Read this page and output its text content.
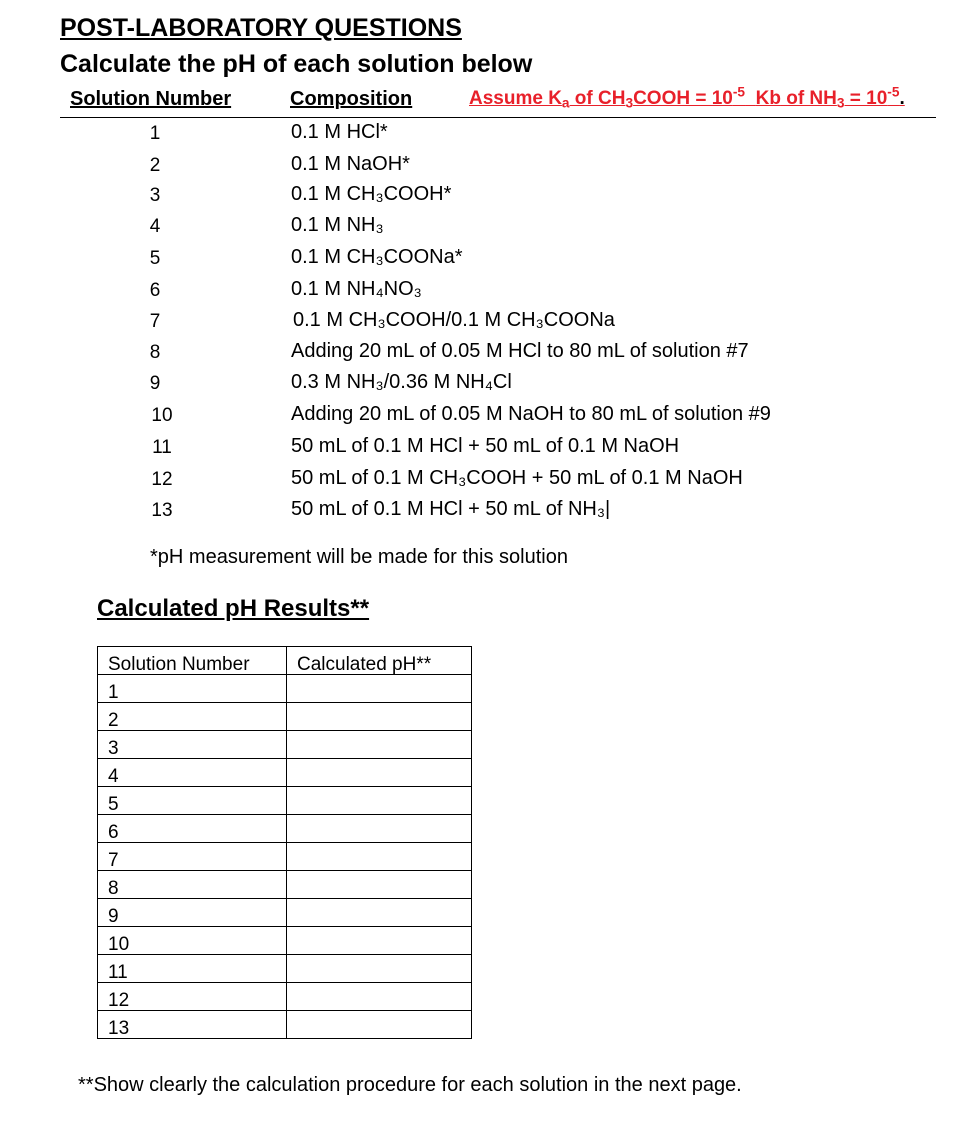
POST-LABORATORY QUESTIONS
Calculate the pH of each solution below
Solution Number	Composition	Assume $K_a$ of $CH_3COOH = 10^{-5}$ Kb of $NH_3 = 10^{-5}$.
1	0.1 M HCl*
2	0.1 M NaOH*
3	0.1 M CH₃COOH*
4	0.1 M NH₃
5	0.1 M CH₃COONa*
6	0.1 M NH₄NO₃
7	0.1 M CH₃COOH/0.1 M CH₃COONa
8	Adding 20 mL of 0.05 M HCl to 80 mL of solution #7
9	0.3 M NH₃/0.36 M NH₄Cl
10	Adding 20 mL of 0.05 M NaOH to 80 mL of solution #9
11	50 mL of 0.1 M HCl + 50 mL of 0.1 M NaOH
12	50 mL of 0.1 M CH₃COOH + 50 mL of 0.1 M NaOH
13	50 mL of 0.1 M HCl + 50 mL of NH₃|
*pH measurement will be made for this solution
Calculated pH Results**
Solution Number	Calculated pH**
1	
2	
3	
4	
5	
6	
7	
8	
9	
10	
11	
12	
13	
**Show clearly the calculation procedure for each solution in the next page.
